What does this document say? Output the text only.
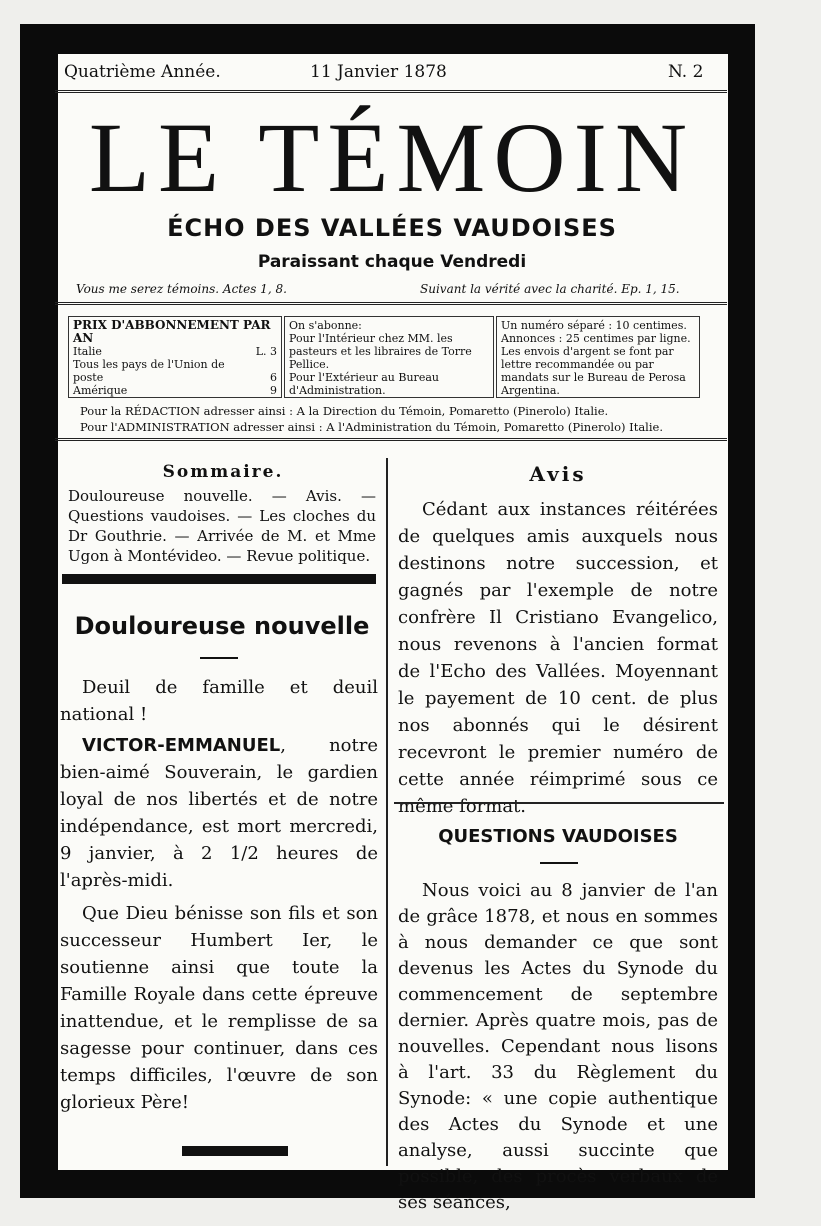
Quatrième Année.	11 Janvier 1878	N. 2
LE TÉMOIN
ÉCHO DES VALLÉES VAUDOISES
Paraissant chaque Vendredi
Vous me serez témoins. Actes 1, 8.	Suivant la vérité avec la charité. Ep. 1, 15.
PRIX D'ABBONNEMENT PAR AN
Italie	L. 3
Tous les pays de l'Union de poste	6
Amérique	9
On s'abonne:
Pour l'Intérieur chez MM. les pasteurs et les libraires de Torre Pellice.
Pour l'Extérieur au Bureau d'Administration.
Un numéro séparé : 10 centimes.
Annonces : 25 centimes par ligne.
Les envois d'argent se font par lettre recommandée ou par mandats sur le Bureau de Perosa Argentina.
Pour la RÉDACTION adresser ainsi : A la Direction du Témoin, Pomaretto (Pinerolo) Italie.
Pour l'ADMINISTRATION adresser ainsi : A l'Administration du Témoin, Pomaretto (Pinerolo) Italie.
Sommaire.
Douloureuse nouvelle. — Avis. — Questions vaudoises. — Les cloches du Dr Gouthrie. — Arrivée de M. et Mme Ugon à Montévideo. — Revue politique.
Douloureuse nouvelle

Deuil de famille et deuil national !

VICTOR-EMMANUEL, notre bien-aimé Souverain, le gardien loyal de nos libertés et de notre indépendance, est mort mercredi, 9 janvier, à 2 1/2 heures de l'après-midi.

Que Dieu bénisse son fils et son successeur Humbert Ier, le soutienne ainsi que toute la Famille Royale dans cette épreuve inattendue, et le remplisse de sa sagesse pour continuer, dans ces temps difficiles, l'œuvre de son glorieux Père!

Avis
Cédant aux instances réitérées de quelques amis auxquels nous destinons notre succession, et gagnés par l'exemple de notre confrère Il Cristiano Evangelico, nous revenons à l'ancien format de l'Echo des Vallées. Moyennant le payement de 10 cent. de plus nos abonnés qui le désirent recevront le premier numéro de cette année réimprimé sous ce même format.
QUESTIONS VAUDOISES
Nous voici au 8 janvier de l'an de grâce 1878, et nous en sommes à nous demander ce que sont devenus les Actes du Synode du commencement de septembre dernier. Après quatre mois, pas de nouvelles. Cependant nous lisons à l'art. 33 du Règlement du Synode: « une copie authentique des Actes du Synode et une analyse, aussi succinte que possible, des procès verbaux de ses séances,
